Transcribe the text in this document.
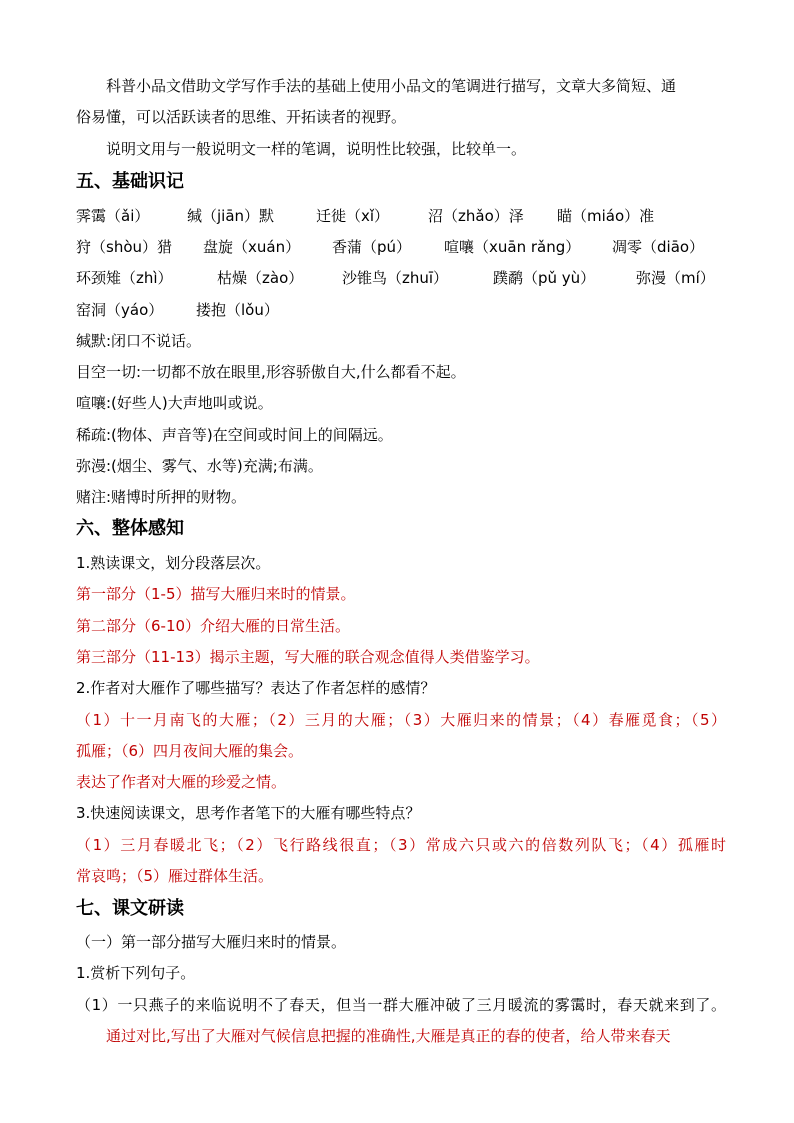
科普小品文借助文学写作手法的基础上使用小品文的笔调进行描写，文章大多简短、通
俗易懂，可以活跃读者的思维、开拓读者的视野。
说明文用与一般说明文一样的笔调，说明性比较强，比较单一。
五、基础识记
霁霭（ǎi）	缄（jiān）默	迁徙（xǐ）	沼（zhǎo）泽 瞄（miáo）准
狩（shòu）猎 盘旋（xuán） 香蒲（pú） 喧嚷（xuān rǎng） 凋零（diāo）
环颈雉（zhì）	枯燥（zào）	沙锥鸟（zhuī）	蹼鹬（pǔ yù）	弥漫（mí）
窑洞（yáo） 搂抱（lǒu）
缄默:闭口不说话。
目空一切:一切都不放在眼里,形容骄傲自大,什么都看不起。
喧嚷:(好些人)大声地叫或说。
稀疏:(物体、声音等)在空间或时间上的间隔远。
弥漫:(烟尘、雾气、水等)充满;布满。
赌注:赌博时所押的财物。
六、整体感知
1.熟读课文，划分段落层次。
第一部分（1-5）描写大雁归来时的情景。
第二部分（6-10）介绍大雁的日常生活。
第三部分（11-13）揭示主题，写大雁的联合观念值得人类借鉴学习。
2.作者对大雁作了哪些描写？表达了作者怎样的感情？
（1）十一月南飞的大雁；（2）三月的大雁；（3）大雁归来的情景；（4）春雁觅食；（5）
孤雁；（6）四月夜间大雁的集会。
表达了作者对大雁的珍爱之情。
3.快速阅读课文，思考作者笔下的大雁有哪些特点？
（1）三月春暖北飞；（2）飞行路线很直；（3）常成六只或六的倍数列队飞；（4）孤雁时
常哀鸣；（5）雁过群体生活。
七、课文研读
（一）第一部分描写大雁归来时的情景。
1.赏析下列句子。
（1）一只燕子的来临说明不了春天，但当一群大雁冲破了三月暖流的雾霭时，春天就来到了。
通过对比,写出了大雁对气候信息把握的准确性,大雁是真正的春的使者，给人带来春天
